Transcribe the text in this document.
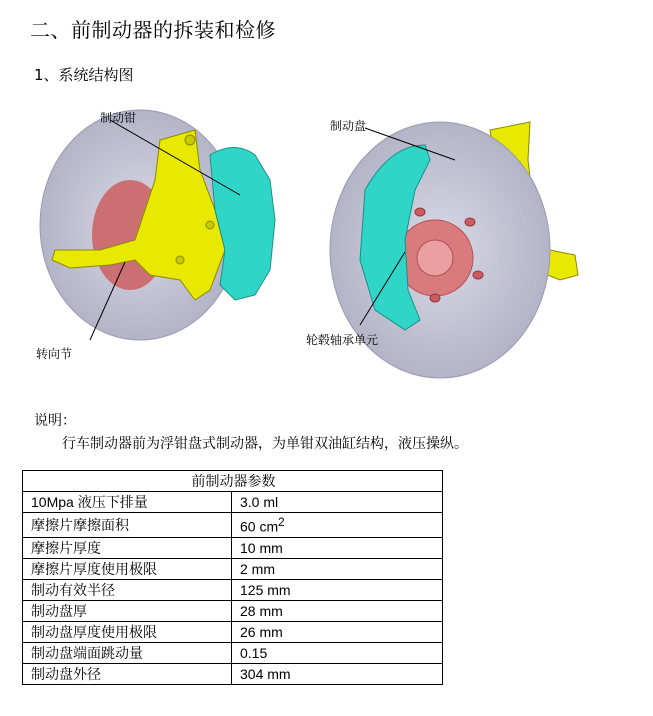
二、前制动器的拆装和检修
1、系统结构图
制动钳
转向节
制动盘
轮毂轴承单元
说明：
行车制动器前为浮钳盘式制动器，为单钳双油缸结构，液压操纵。
前制动器参数	
10Mpa 液压下排量	3.0 ml
摩擦片摩擦面积	60 $cm^2$
摩擦片厚度	10 mm
摩擦片厚度使用极限	2 mm
制动有效半径	125 mm
制动盘厚	28 mm
制动盘厚度使用极限	26 mm
制动盘端面跳动量	0.15
制动盘外径	304 mm
